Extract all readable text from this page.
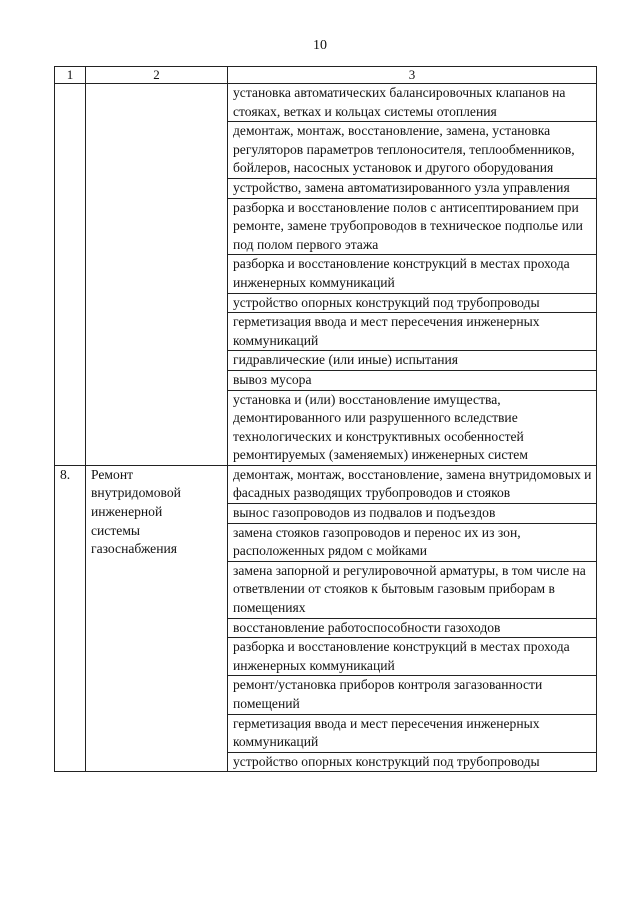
10
1	2	3
		установка автоматических балансировочных клапанов на стояках, ветках и кольцах системы отопления
		демонтаж, монтаж, восстановление, замена, установка регуляторов параметров теплоносителя, теплообменников, бойлеров, насосных установок и другого оборудования
		устройство, замена автоматизированного узла управления
		разборка и восстановление полов с антисептированием при ремонте, замене трубопроводов в техническое подполье или под полом первого этажа
		разборка и восстановление конструкций в местах прохода инженерных коммуникаций
		устройство опорных конструкций под трубопроводы
		герметизация ввода и мест пересечения инженерных коммуникаций
		гидравлические (или иные) испытания
		вывоз мусора
		установка и (или) восстановление имущества, демонтированного или разрушенного вследствие технологических и конструктивных особенностей ремонтируемых (заменяемых) инженерных систем
8.	Ремонт
внутридомовой
инженерной
системы
газоснабжения	демонтаж, монтаж, восстановление, замена внутридомовых и фасадных разводящих трубопроводов и стояков
		вынос газопроводов из подвалов и подъездов
		замена стояков газопроводов и перенос их из зон, расположенных рядом с мойками
		замена запорной и регулировочной арматуры, в том числе на ответвлении от стояков к бытовым газовым приборам в помещениях
		восстановление работоспособности газоходов
		разборка и восстановление конструкций в местах прохода инженерных коммуникаций
		ремонт/установка приборов контроля загазованности помещений
		герметизация ввода и мест пересечения инженерных коммуникаций
		устройство опорных конструкций под трубопроводы
